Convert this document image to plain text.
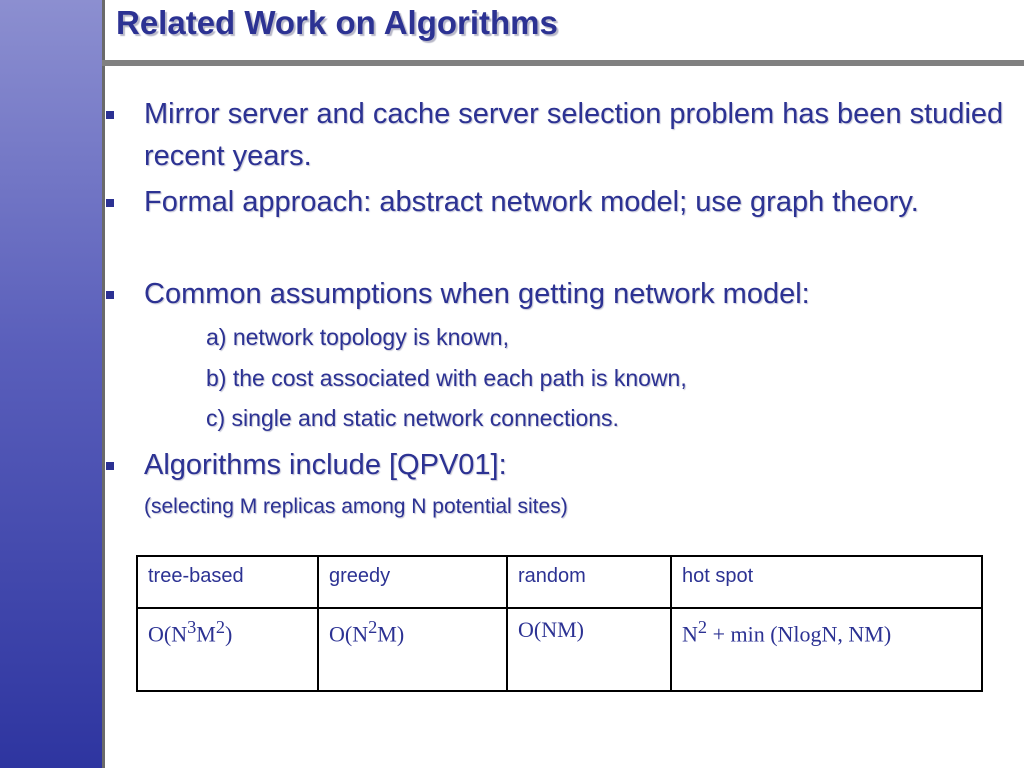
Related Work on Algorithms
Mirror server and cache server selection problem has been studied recent years.
Formal approach: abstract network model; use graph theory.
Common assumptions when getting network model:
a) network topology is known,
b) the cost associated with each path is known,
c) single and static network connections.
Algorithms include [QPV01]:
(selecting M replicas among N potential sites)
tree-based	greedy	random	hot spot
$O(N^3M^2)$	$O(N^2M)$	O(NM)	$N^2 + \min (NlogN$, NM)
